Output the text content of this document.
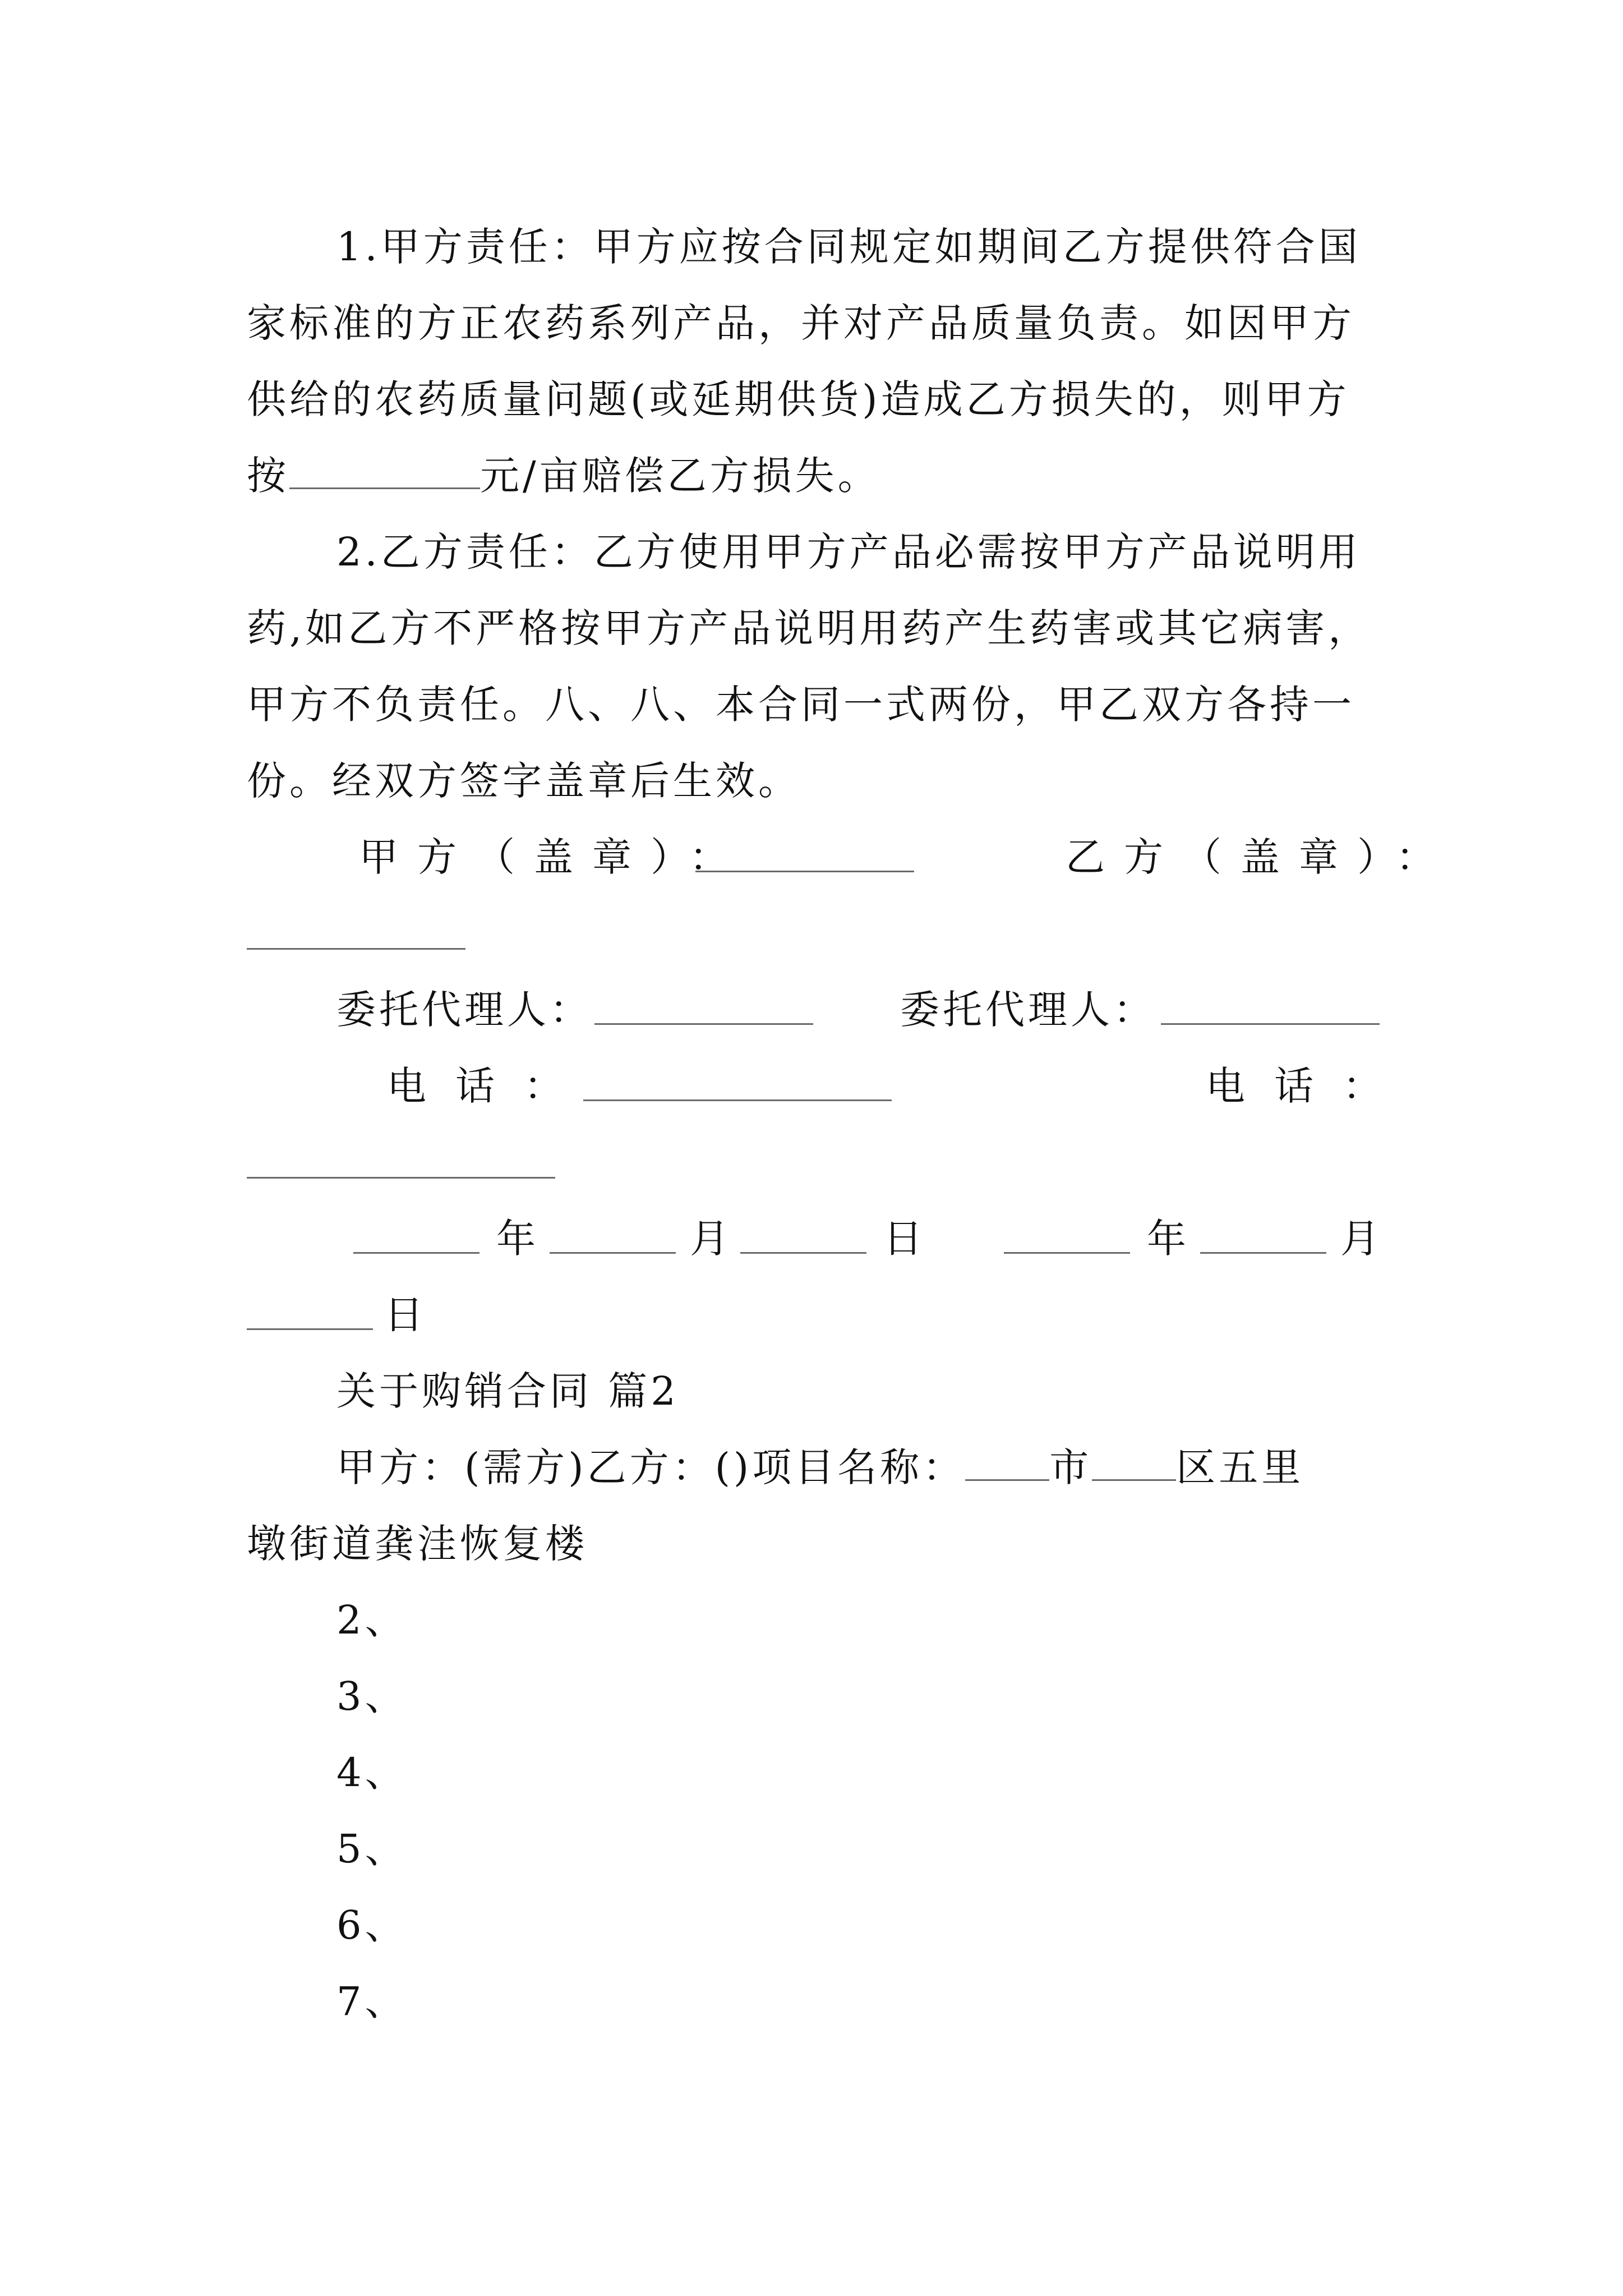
1.甲方责任：甲方应按合同规定如期间乙方提供符合国
家标准的方正农药系列产品，并对产品质量负责。如因甲方
供给的农药质量问题(或延期供货)造成乙方损失的，则甲方
按	元/亩赔偿乙方损失。
2.乙方责任：乙方使用甲方产品必需按甲方产品说明用
药,如乙方不严格按甲方产品说明用药产生药害或其它病害，
甲方不负责任。八、八、本合同一式两份，甲乙双方各持一
份。经双方签字盖章后生效。
甲方（盖章）：	乙方（盖章）：
委托代理人：	委托代理人：
电话：	电话：
年	月	日	年	月
日
关于购销合同 篇2
甲方：(需方)乙方：()项目名称： 市 区五里
墩街道龚洼恢复楼
2、
3、
4、
5、
6、
7、
